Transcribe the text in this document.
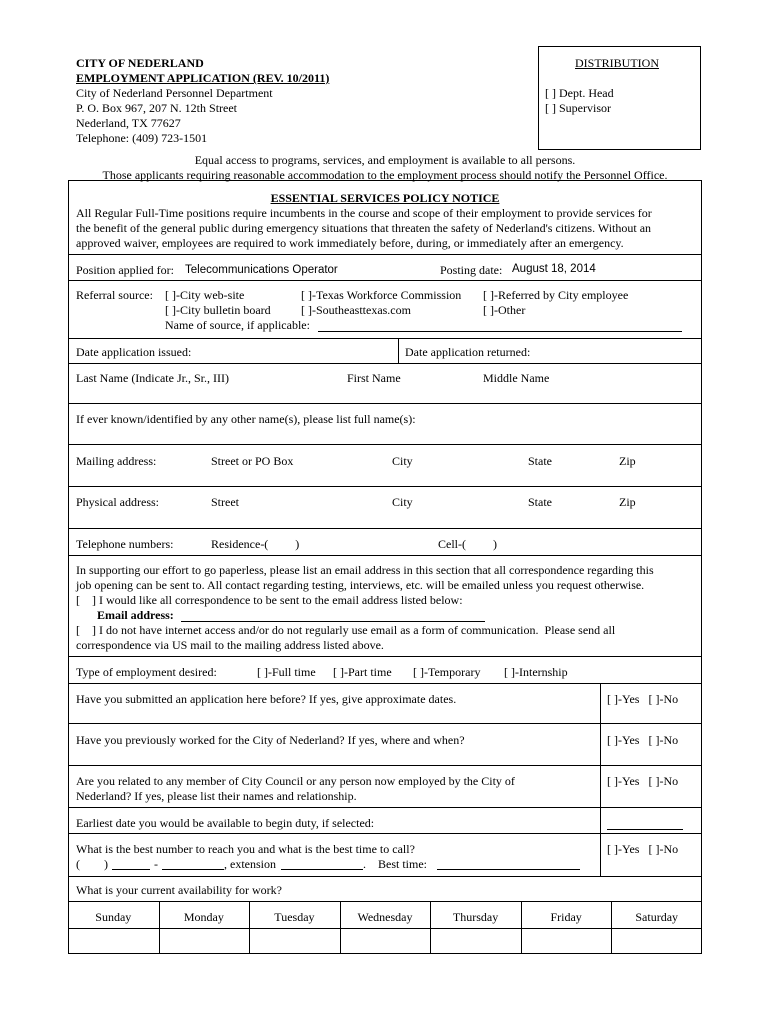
CITY OF NEDERLAND
EMPLOYMENT APPLICATION (REV. 10/2011)
City of Nederland Personnel Department
P. O. Box 967, 207 N. 12th Street
Nederland, TX 77627
Telephone: (409) 723-1501
DISTRIBUTION
[ ] Dept. Head
[ ] Supervisor
Equal access to programs, services, and employment is available to all persons.
Those applicants requiring reasonable accommodation to the employment process should notify the Personnel Office.
ESSENTIAL SERVICES POLICY NOTICE
All Regular Full-Time positions require incumbents in the course and scope of their employment to provide services for
the benefit of the general public during emergency situations that threaten the safety of Nederland's citizens. Without an
approved waiver, employees are required to work immediately before, during, or immediately after an emergency.
Position applied for: Telecommunications Operator	Posting date: August 18, 2014
Referral source: [ ]-City web-site	[ ]-Texas Workforce Commission [ ]-Referred by City employee
[ ]-City bulletin board	[ ]-Southeasttexas.com	[ ]-Other
Name of source, if applicable:
Date application issued:	Date application returned:
Last Name (Indicate Jr., Sr., III)	First Name	Middle Name
If ever known/identified by any other name(s), please list full name(s):
Mailing address:	Street or PO Box	City	State	Zip
Physical address:	Street	City	State	Zip
Telephone numbers:	Residence-(         )	Cell-(         )
In supporting our effort to go paperless, please list an email address in this section that all correspondence regarding this
job opening can be sent to. All contact regarding testing, interviews, etc. will be emailed unless you request otherwise.
[    ] I would like all correspondence to be sent to the email address listed below:
Email address:
[    ] I do not have internet access and/or do not regularly use email as a form of communication.  Please send all
correspondence via US mail to the mailing address listed above.
Type of employment desired:	[ ]-Full time [ ]-Part time [ ]-Temporary [ ]-Internship
Have you submitted an application here before? If yes, give approximate dates.	[ ]-Yes   [ ]-No
Have you previously worked for the City of Nederland? If yes, where and when?	[ ]-Yes   [ ]-No
Are you related to any member of City Council or any person now employed by the City of
Nederland? If yes, please list their names and relationship.
[ ]-Yes   [ ]-No
Earliest date you would be available to begin duty, if selected:
What is the best number to reach you and what is the best time to call?	[ ]-Yes   [ ]-No
( )	-	, extension	. Best time:
What is your current availability for work?
Sunday	Monday	Tuesday	Wednesday	Thursday	Friday	Saturday
